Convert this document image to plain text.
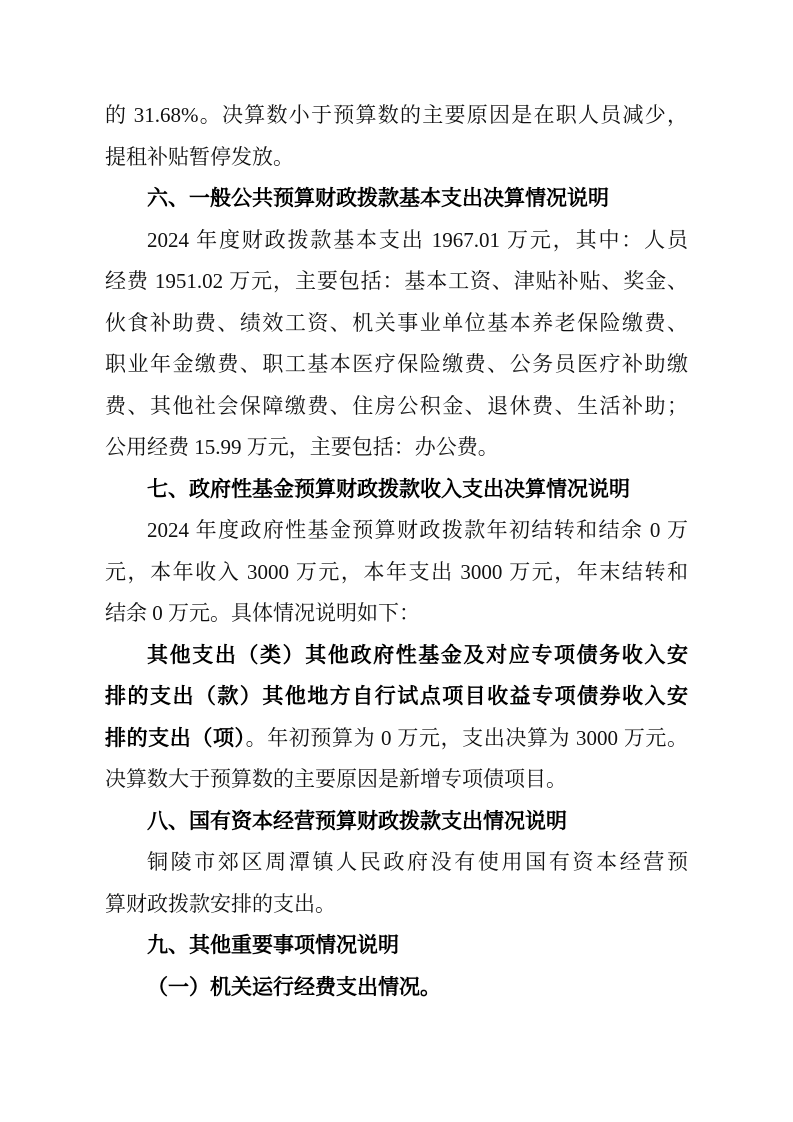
的 31.68%。决算数小于预算数的主要原因是在职人员减少，
提租补贴暂停发放。
六、一般公共预算财政拨款基本支出决算情况说明
2024 年度财政拨款基本支出 1967.01 万元，其中：人员
经费 1951.02 万元，主要包括：基本工资、津贴补贴、奖金、
伙食补助费、绩效工资、机关事业单位基本养老保险缴费、
职业年金缴费、职工基本医疗保险缴费、公务员医疗补助缴
费、其他社会保障缴费、住房公积金、退休费、生活补助；
公用经费 15.99 万元，主要包括：办公费。
七、政府性基金预算财政拨款收入支出决算情况说明
2024 年度政府性基金预算财政拨款年初结转和结余 0 万
元，本年收入 3000 万元，本年支出 3000 万元，年末结转和
结余 0 万元。具体情况说明如下：
其他支出（类）其他政府性基金及对应专项债务收入安
排的支出（款）其他地方自行试点项目收益专项债券收入安
排的支出（项）。年初预算为 0 万元，支出决算为 3000 万元。
决算数大于预算数的主要原因是新增专项债项目。
八、国有资本经营预算财政拨款支出情况说明
铜陵市郊区周潭镇人民政府没有使用国有资本经营预
算财政拨款安排的支出。
九、其他重要事项情况说明
（一）机关运行经费支出情况。
